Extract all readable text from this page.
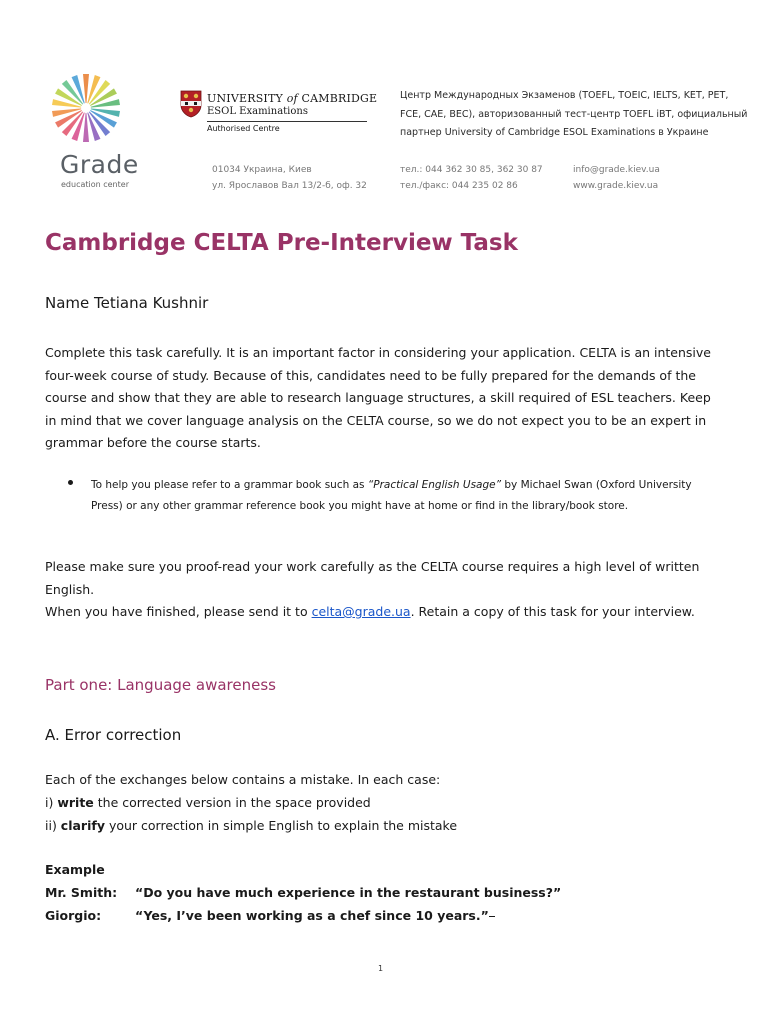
Grade
education center
UNIVERSITY of CAMBRIDGE
ESOL Examinations
Authorised Centre
Центр Международных Экзаменов (TOEFL, TOEIC, IELTS, KET, PET,
FCE, CAE, BEC), авторизованный тест-центр TOEFL iBT, официальный
партнер University of Cambridge ESOL Examinations в Украине
01034 Украина, Киев
ул. Ярославов Вал 13/2-б, оф. 32
тел.: 044 362 30 85, 362 30 87
тел./факс: 044 235 02 86
info@grade.kiev.ua
www.grade.kiev.ua
Cambridge CELTA Pre-Interview Task
Name Tetiana Kushnir
Complete this task carefully. It is an important factor in considering your application. CELTA is an intensive four-week course of study. Because of this, candidates need to be fully prepared for the demands of the course and show that they are able to research language structures, a skill required of ESL teachers. Keep in mind that we cover language analysis on the CELTA course, so we do not expect you to be an expert in grammar before the course starts.
To help you please refer to a grammar book such as “Practical English Usage” by Michael Swan (Oxford University Press) or any other grammar reference book you might have at home or find in the library/book store.
Please make sure you proof-read your work carefully as the CELTA course requires a high level of written English.
When you have finished, please send it to celta@grade.ua. Retain a copy of this task for your interview.
Part one: Language awareness
A. Error correction
Each of the exchanges below contains a mistake. In each case:
i) write the corrected version in the space provided
ii) clarify your correction in simple English to explain the mistake
Example
Mr. Smith:	“Do you have much experience in the restaurant business?”
Giorgio:	“Yes, I’ve been working as a chef since 10 years.”
1
